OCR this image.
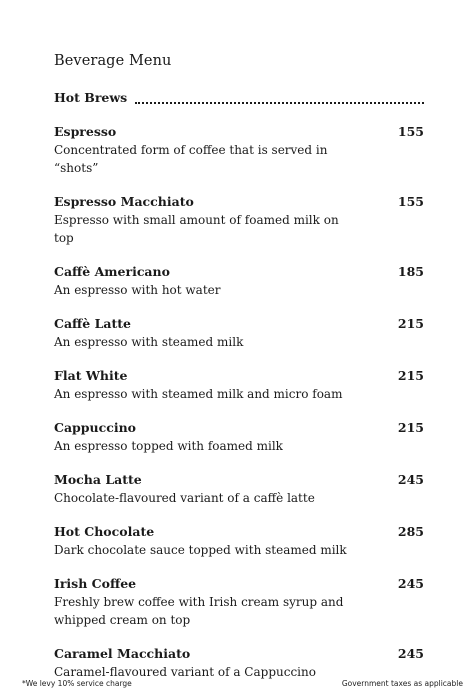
Beverage Menu
Hot Brews
Espresso	155
Concentrated form of coffee that is served in “shots”
Espresso Macchiato	155
Espresso with small amount of foamed milk on top
Caffè Americano	185
An espresso with hot water
Caffè Latte	215
An espresso with steamed milk
Flat White	215
An espresso with steamed milk and micro foam
Cappuccino	215
An espresso topped with foamed milk
Mocha Latte	245
Chocolate-flavoured variant of a caffè latte
Hot Chocolate	285
Dark chocolate sauce topped with steamed milk
Irish Coffee	245
Freshly brew coffee with Irish cream syrup and whipped cream on top
Caramel Macchiato	245
Caramel-flavoured variant of a Cappuccino
*We levy 10% service charge	Government taxes as applicable
